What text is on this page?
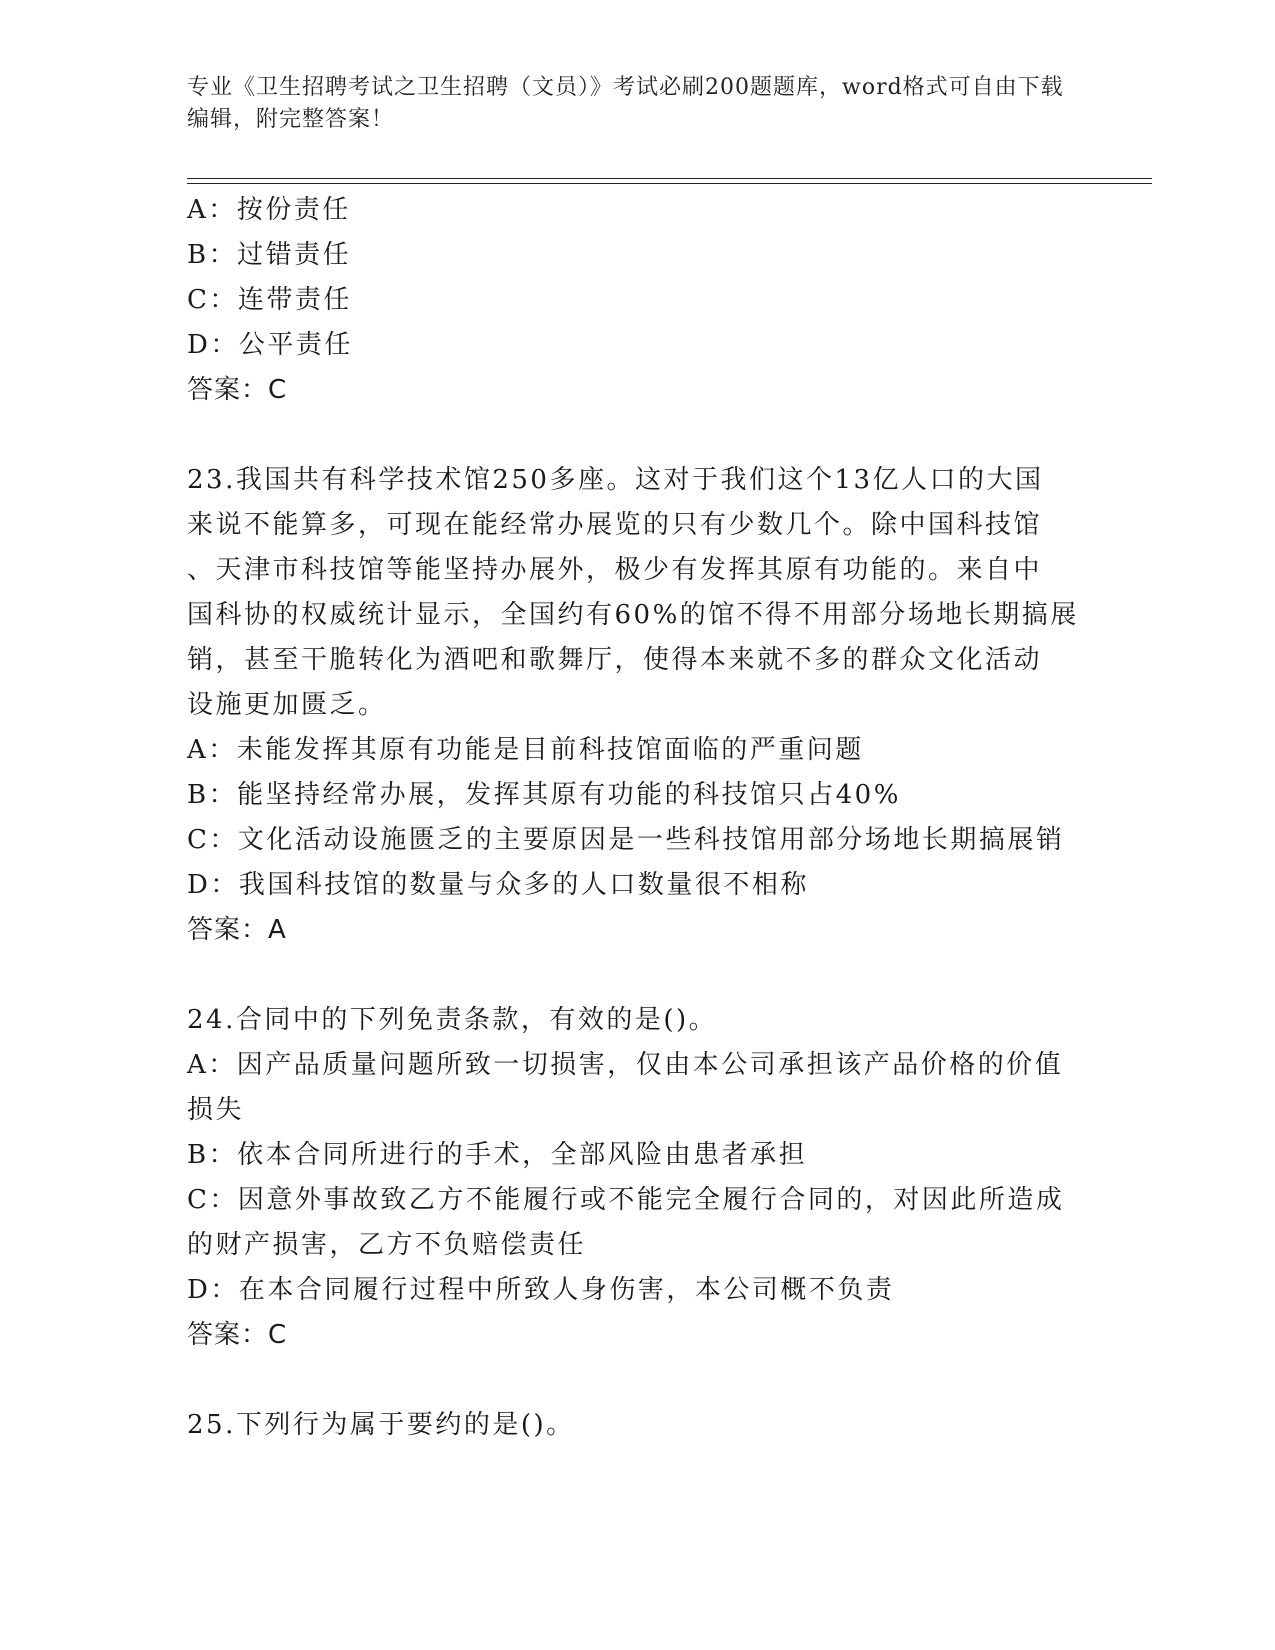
专业《卫生招聘考试之卫生招聘（文员）》考试必刷200题题库，word格式可自由下载编辑，附完整答案！
A：按份责任
B：过错责任
C：连带责任
D：公平责任
答案：C
23.我国共有科学技术馆250多座。这对于我们这个13亿人口的大国
来说不能算多，可现在能经常办展览的只有少数几个。除中国科技馆
、天津市科技馆等能坚持办展外，极少有发挥其原有功能的。来自中
国科协的权威统计显示，全国约有60%的馆不得不用部分场地长期搞展
销，甚至干脆转化为酒吧和歌舞厅，使得本来就不多的群众文化活动
设施更加匮乏。
A：未能发挥其原有功能是目前科技馆面临的严重问题
B：能坚持经常办展，发挥其原有功能的科技馆只占40%
C：文化活动设施匮乏的主要原因是一些科技馆用部分场地长期搞展销
D：我国科技馆的数量与众多的人口数量很不相称
答案：A
24.合同中的下列免责条款，有效的是()。
A：因产品质量问题所致一切损害，仅由本公司承担该产品价格的价值
损失
B：依本合同所进行的手术，全部风险由患者承担
C：因意外事故致乙方不能履行或不能完全履行合同的，对因此所造成
的财产损害，乙方不负赔偿责任
D：在本合同履行过程中所致人身伤害，本公司概不负责
答案：C
25.下列行为属于要约的是()。
